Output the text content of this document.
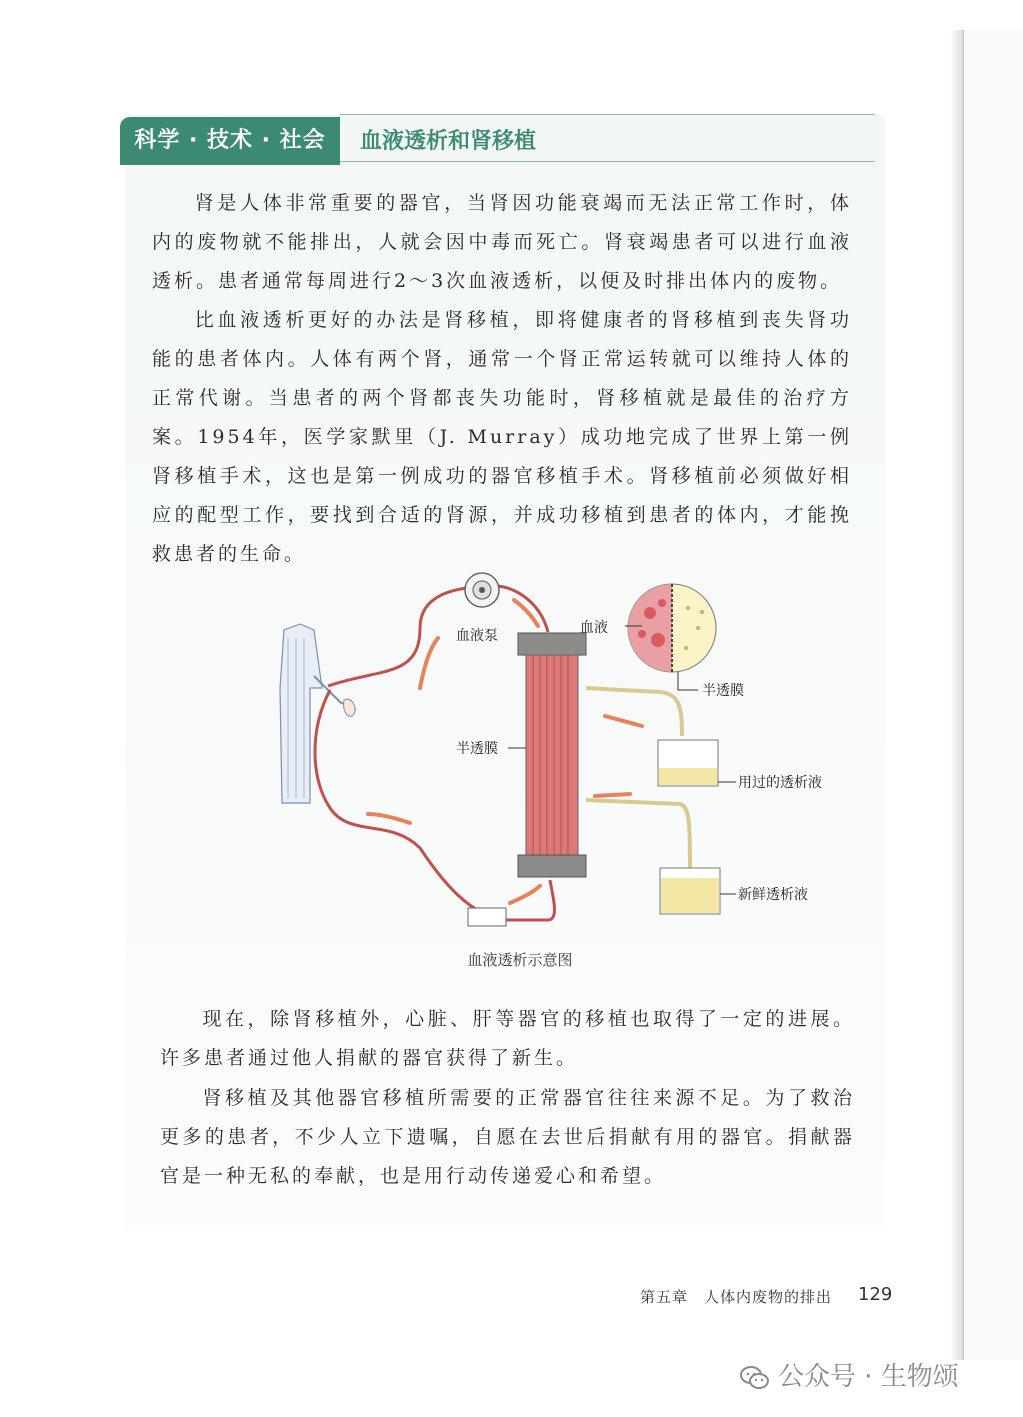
科学 · 技术 · 社会	血液透析和肾移植

肾是人体非常重要的器官，当肾因功能衰竭而无法正常工作时，体内的废物就不能排出，人就会因中毒而死亡。肾衰竭患者可以进行血液透析。患者通常每周进行2～3次血液透析，以便及时排出体内的废物。

比血液透析更好的办法是肾移植，即将健康者的肾移植到丧失肾功能的患者体内。人体有两个肾，通常一个肾正常运转就可以维持人体的正常代谢。当患者的两个肾都丧失功能时，肾移植就是最佳的治疗方案。1954年，医学家默里（J. Murray）成功地完成了世界上第一例肾移植手术，这也是第一例成功的器官移植手术。肾移植前必须做好相应的配型工作，要找到合适的肾源，并成功移植到患者的体内，才能挽救患者的生命。

血液泵	血液
半透膜
半透膜
用过的透析液
新鲜透析液
血液透析示意图

现在，除肾移植外，心脏、肝等器官的移植也取得了一定的进展。许多患者通过他人捐献的器官获得了新生。

肾移植及其他器官移植所需要的正常器官往往来源不足。为了救治更多的患者，不少人立下遗嘱，自愿在去世后捐献有用的器官。捐献器官是一种无私的奉献，也是用行动传递爱心和希望。

第五章　人体内废物的排出 129
公众号 · 生物颂
